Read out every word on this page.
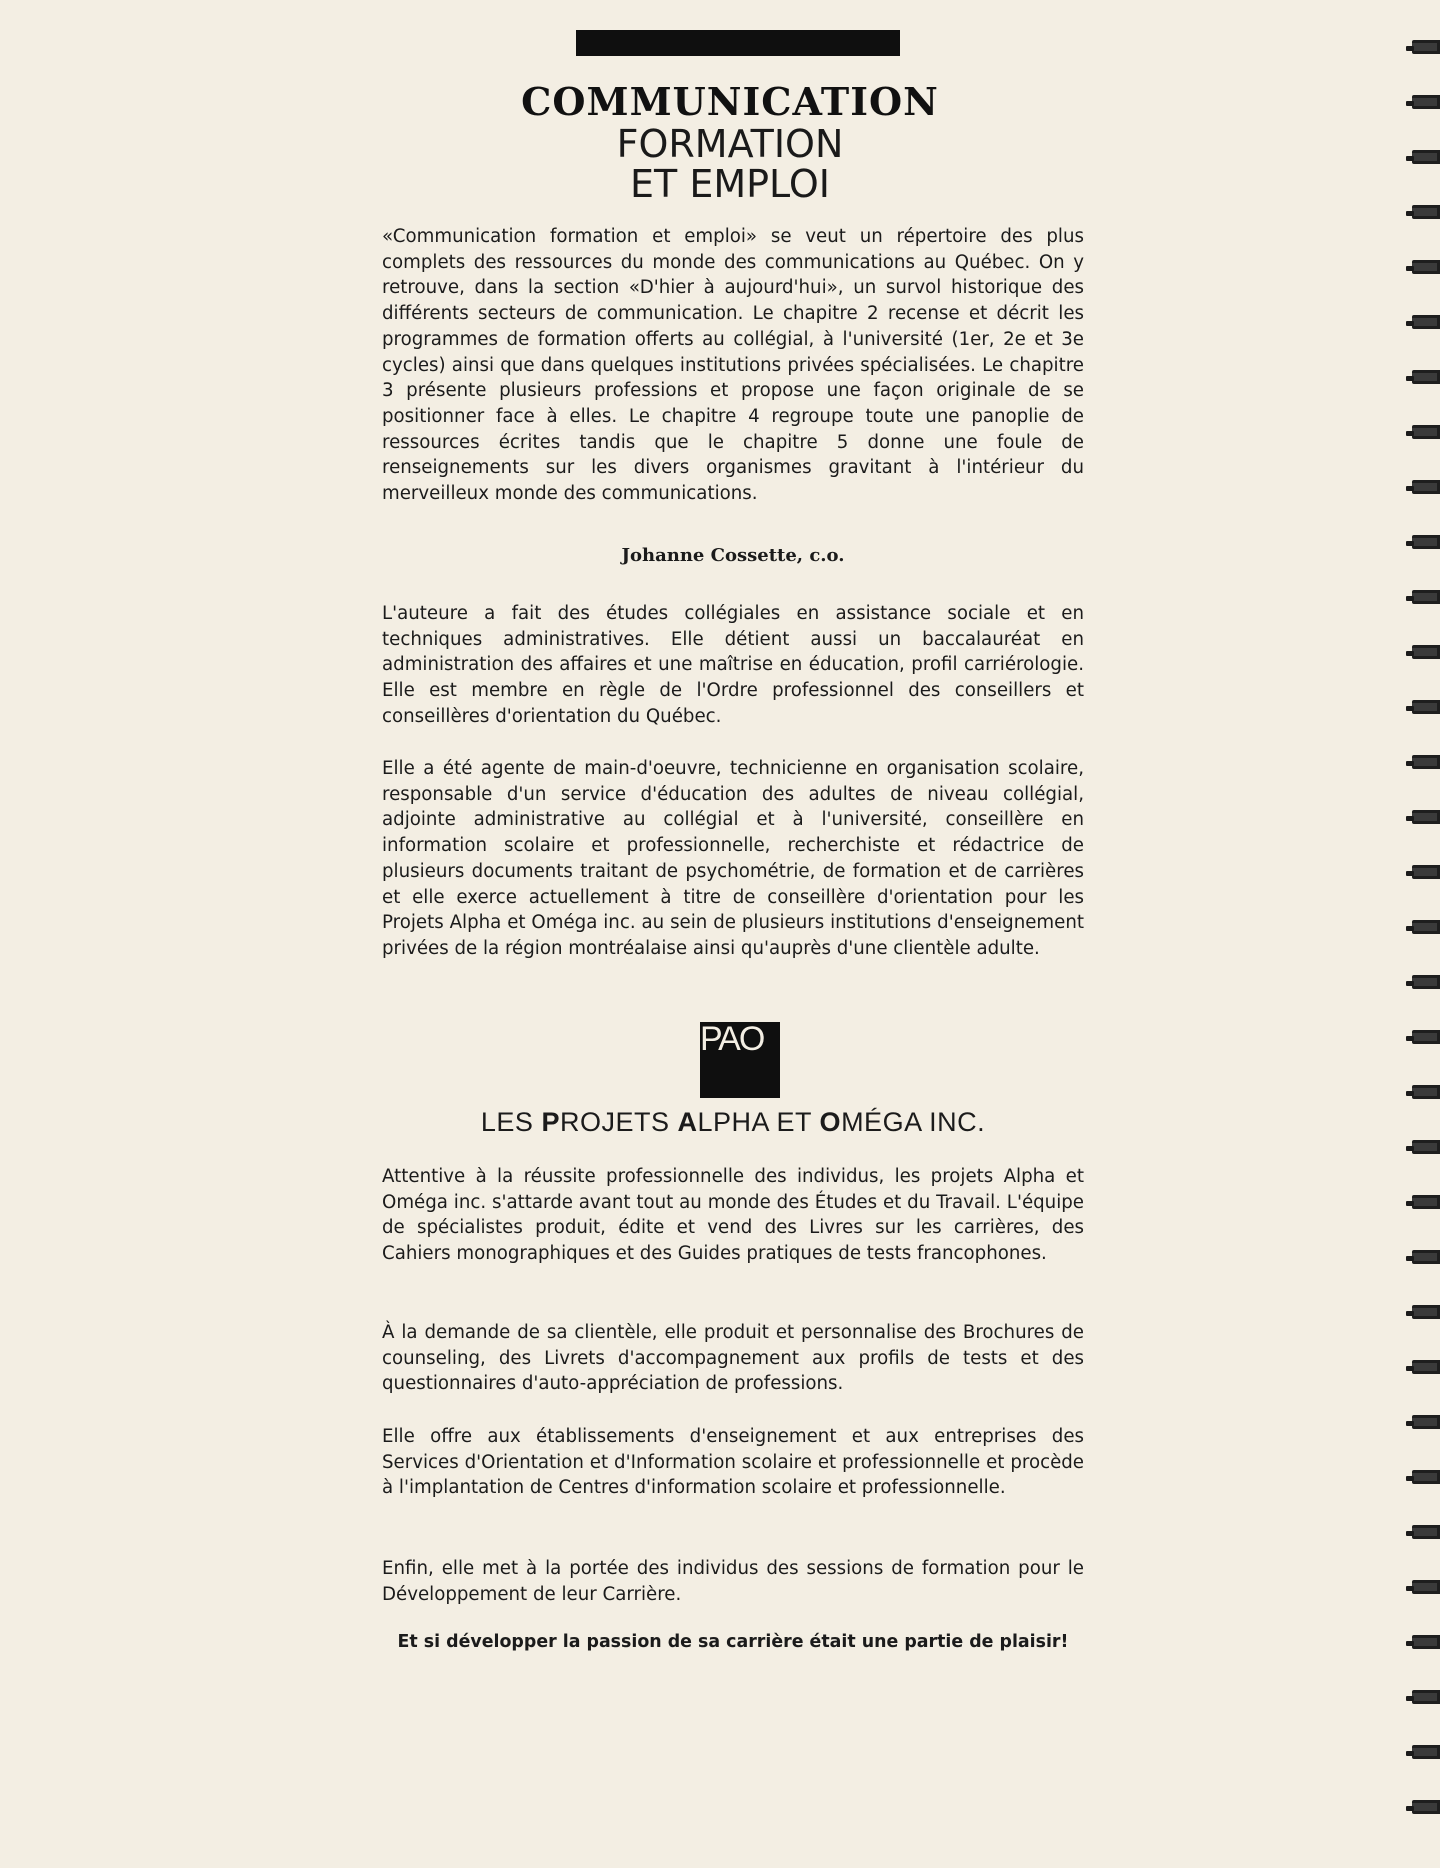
COMMUNICATION
FORMATION
ET EMPLOI

«Communication formation et emploi» se veut un répertoire des plus complets des ressources du monde des communications au Québec. On y retrouve, dans la section «D'hier à aujourd'hui», un survol historique des différents secteurs de communication. Le chapitre 2 recense et décrit les programmes de formation offerts au collégial, à l'université (1er, 2e et 3e cycles) ainsi que dans quelques institutions privées spécialisées. Le chapitre 3 présente plusieurs professions et propose une façon originale de se positionner face à elles. Le chapitre 4 regroupe toute une panoplie de ressources écrites tandis que le chapitre 5 donne une foule de renseignements sur les divers organismes gravitant à l'intérieur du merveilleux monde des communications.

Johanne Cossette, c.o.

L'auteure a fait des études collégiales en assistance sociale et en techniques administratives. Elle détient aussi un baccalauréat en administration des affaires et une maîtrise en éducation, profil carriérologie. Elle est membre en règle de l'Ordre professionnel des conseillers et conseillères d'orientation du Québec.

Elle a été agente de main-d'oeuvre, technicienne en organisation scolaire, responsable d'un service d'éducation des adultes de niveau collégial, adjointe administrative au collégial et à l'université, conseillère en information scolaire et professionnelle, recherchiste et rédactrice de plusieurs documents traitant de psychométrie, de formation et de carrières et elle exerce actuellement à titre de conseillère d'orientation pour les Projets Alpha et Oméga inc. au sein de plusieurs institutions d'enseignement privées de la région montréalaise ainsi qu'auprès d'une clientèle adulte.

PAO
LES PROJETS ALPHA ET OMÉGA INC.

Attentive à la réussite professionnelle des individus, les projets Alpha et Oméga inc. s'attarde avant tout au monde des Études et du Travail. L'équipe de spécialistes produit, édite et vend des Livres sur les carrières, des Cahiers monographiques et des Guides pratiques de tests francophones.

À la demande de sa clientèle, elle produit et personnalise des Brochures de counseling, des Livrets d'accompagnement aux profils de tests et des questionnaires d'auto-appréciation de professions.

Elle offre aux établissements d'enseignement et aux entreprises des Services d'Orientation et d'Information scolaire et professionnelle et procède à l'implantation de Centres d'information scolaire et professionnelle.

Enfin, elle met à la portée des individus des sessions de formation pour le Développement de leur Carrière.

Et si développer la passion de sa carrière était une partie de plaisir!
